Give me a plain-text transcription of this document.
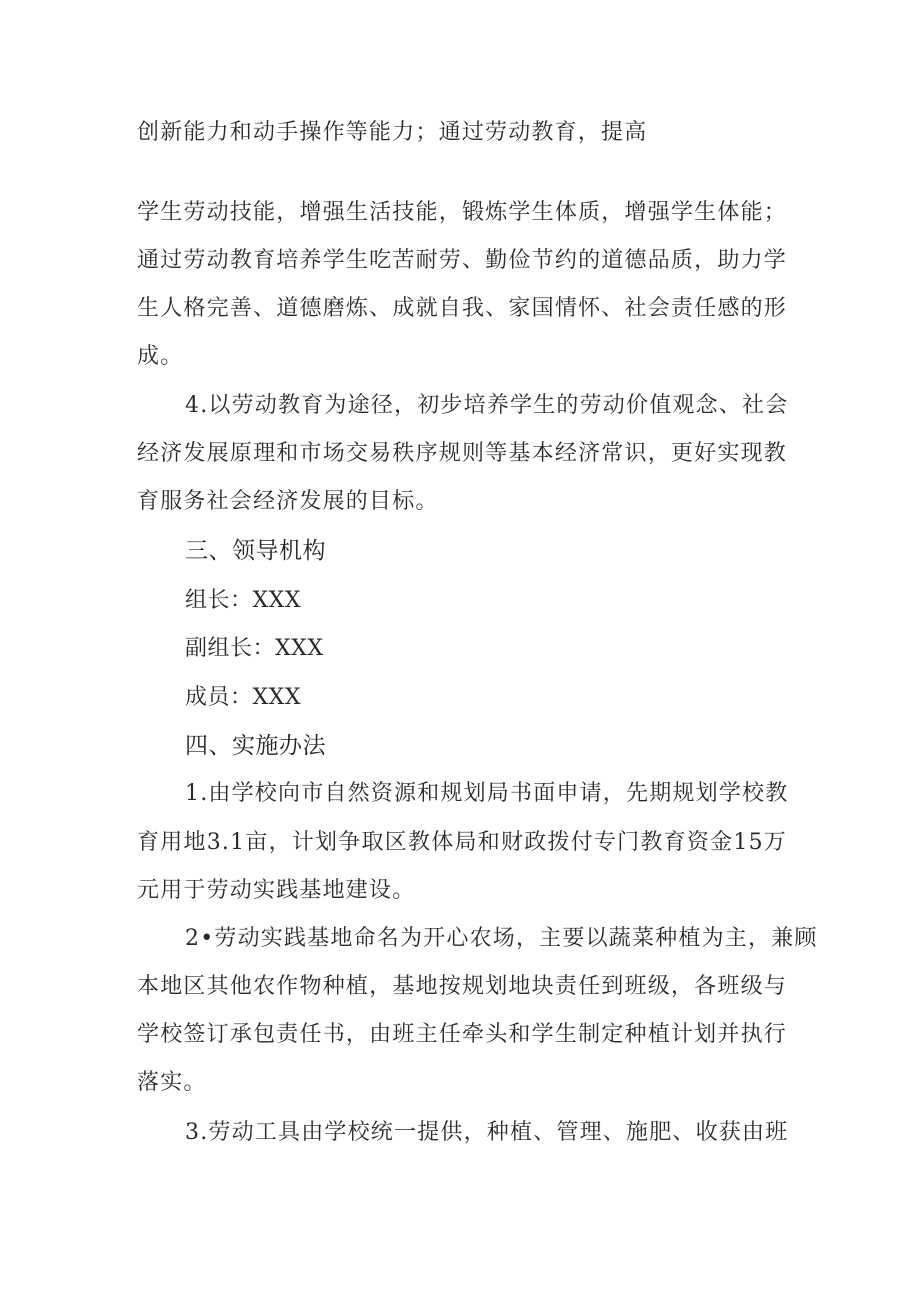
创新能力和动手操作等能力；通过劳动教育，提高
学生劳动技能，增强生活技能，锻炼学生体质，增强学生体能；
通过劳动教育培养学生吃苦耐劳、勤俭节约的道德品质，助力学
生人格完善、道德磨炼、成就自我、家国情怀、社会责任感的形
成。
4.以劳动教育为途径，初步培养学生的劳动价值观念、社会
经济发展原理和市场交易秩序规则等基本经济常识，更好实现教
育服务社会经济发展的目标。
三、领导机构
组长：XXX
副组长：XXX
成员：XXX
四、实施办法
1.由学校向市自然资源和规划局书面申请，先期规划学校教
育用地3.1亩，计划争取区教体局和财政拨付专门教育资金15万
元用于劳动实践基地建设。
2•劳动实践基地命名为开心农场，主要以蔬菜种植为主，兼顾
本地区其他农作物种植，基地按规划地块责任到班级，各班级与
学校签订承包责任书，由班主任牵头和学生制定种植计划并执行
落实。
3.劳动工具由学校统一提供，种植、管理、施肥、收获由班
